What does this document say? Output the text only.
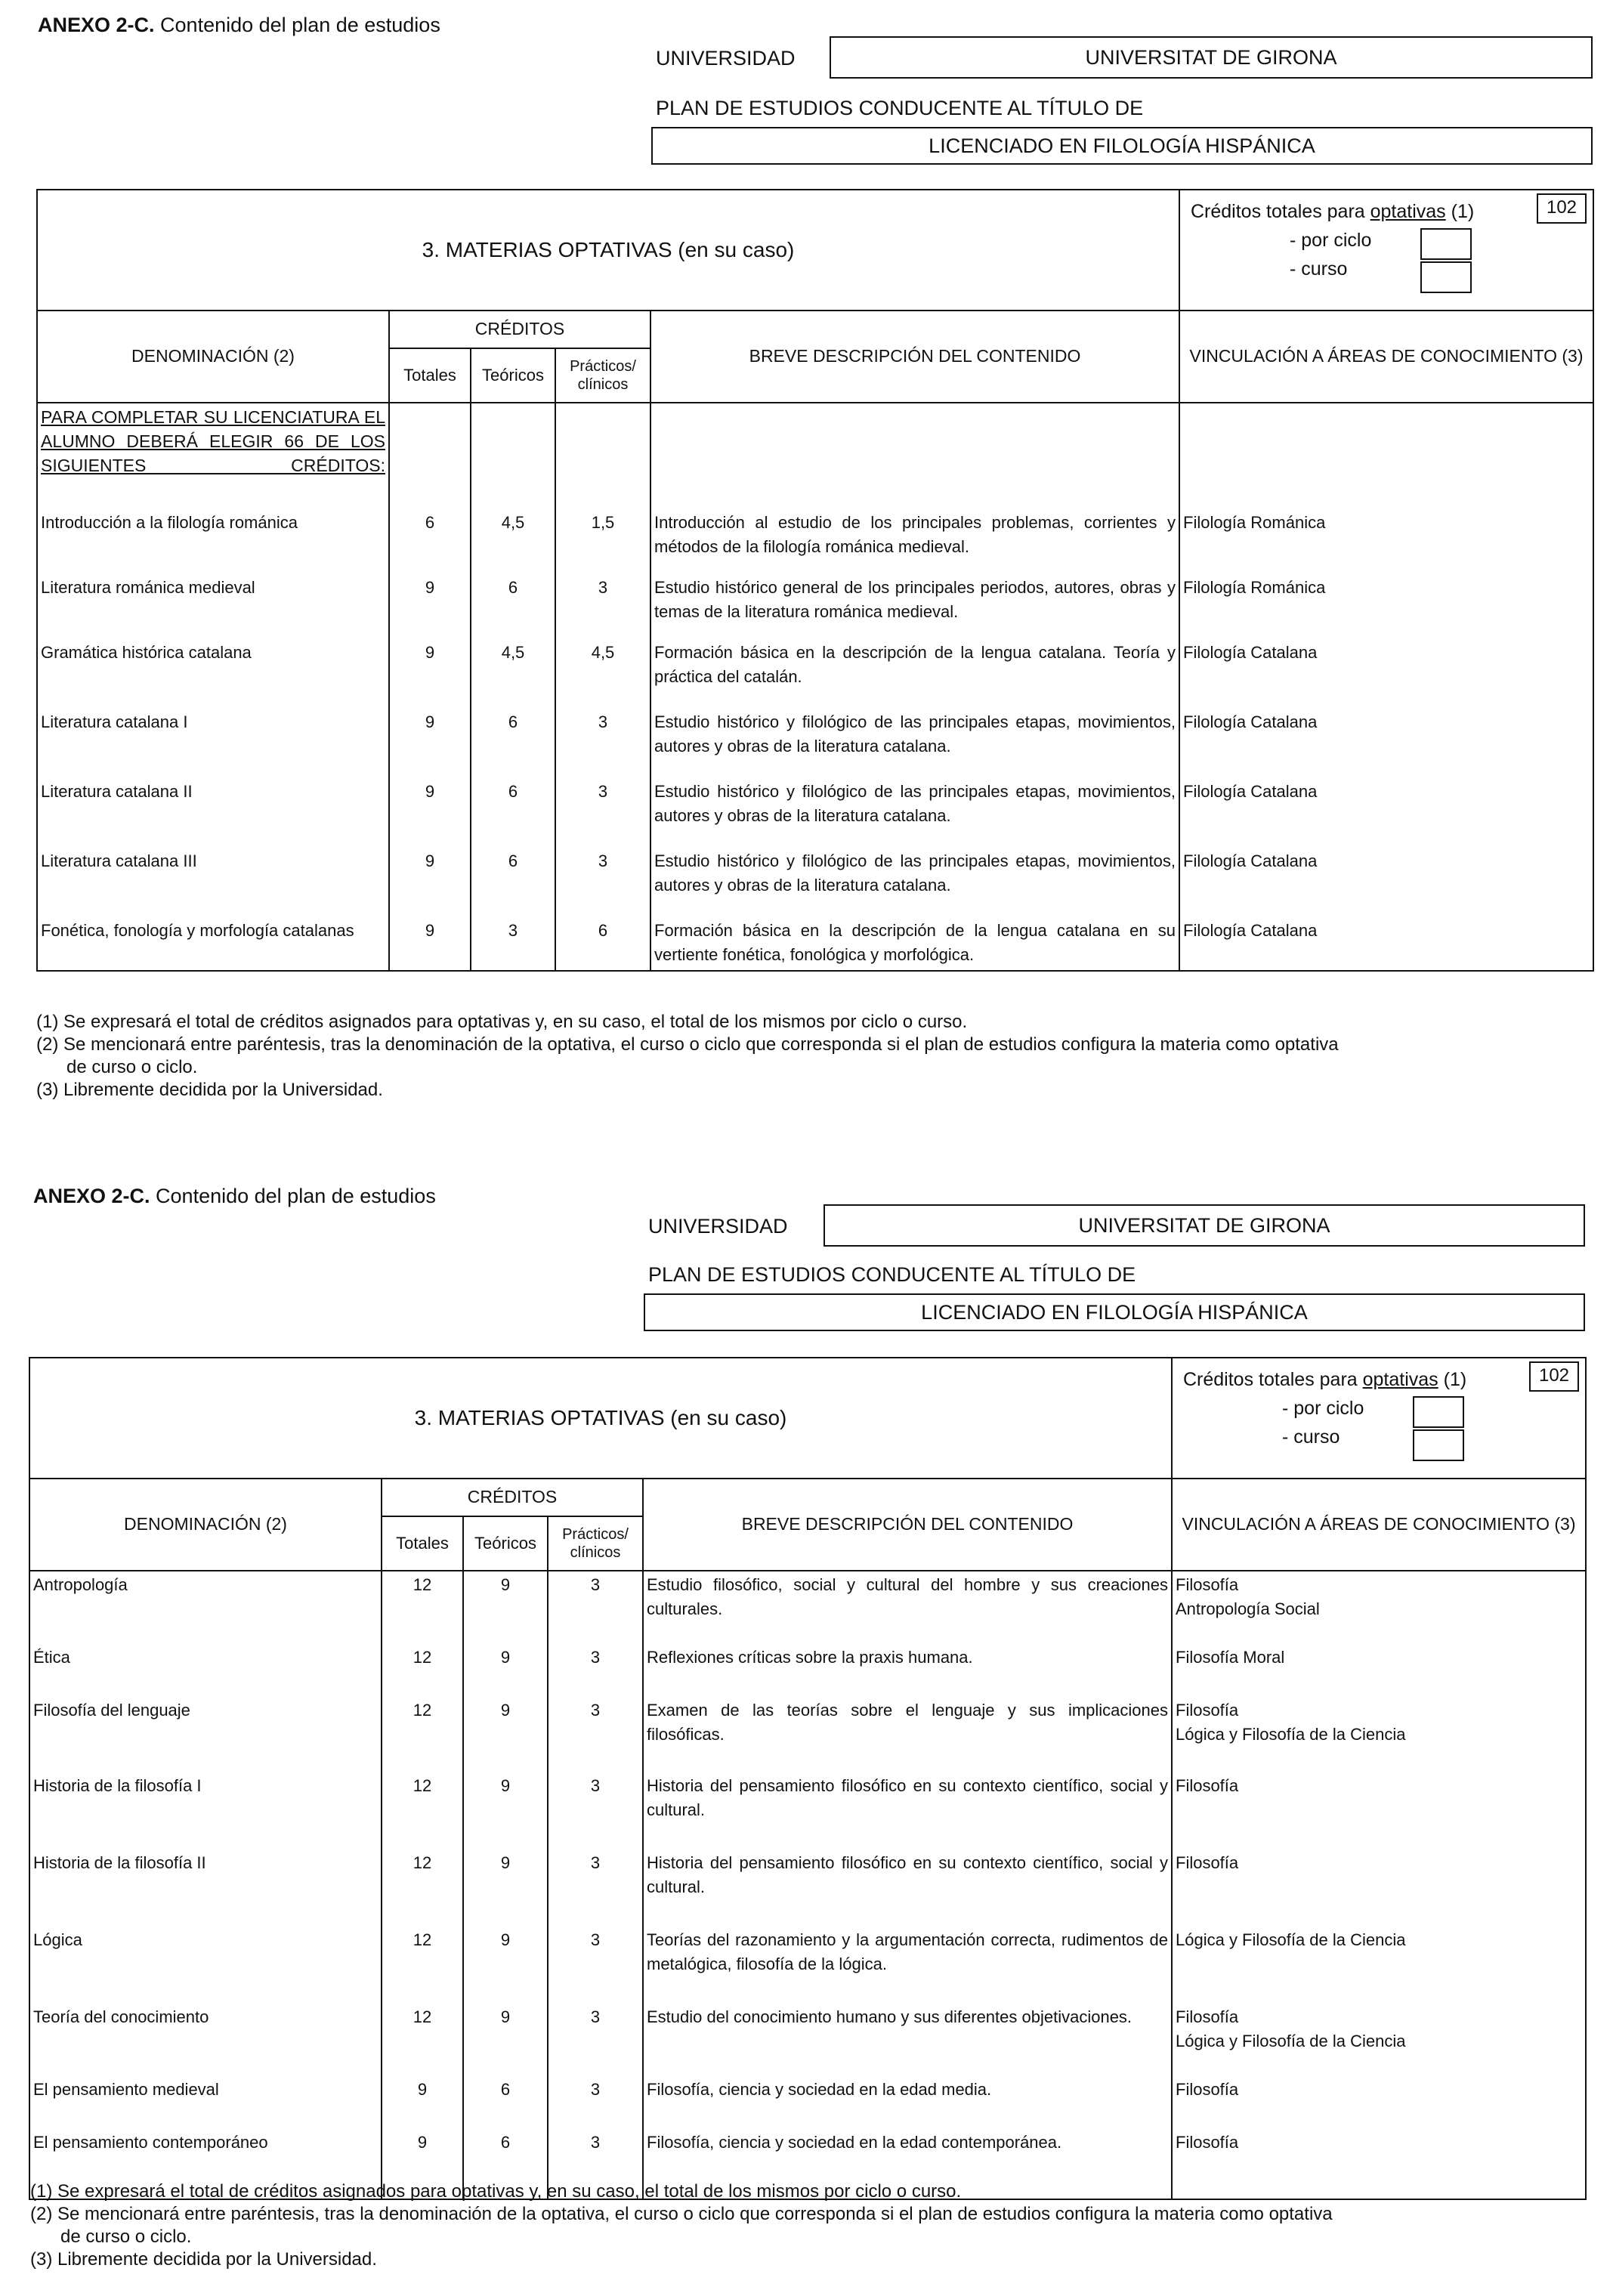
ANEXO 2-C. Contenido del plan de estudios
UNIVERSIDAD	UNIVERSITAT DE GIRONA
PLAN DE ESTUDIOS CONDUCENTE AL TÍTULO DE
LICENCIADO EN FILOLOGÍA HISPÁNICA
3. MATERIAS OPTATIVAS (en su caso)					Créditos totales para optativas (1) 102
- por ciclo
- curso

DENOMINACIÓN (2)	CRÉDITOS			BREVE DESCRIPCIÓN DEL CONTENIDO	VINCULACIÓN A ÁREAS DE CONOCIMIENTO (3)
	Totales	Teóricos	Prácticos/ clínicos		
PARA COMPLETAR SU LICENCIATURA EL ALUMNO DEBERÁ ELEGIR 66 DE LOS SIGUIENTES CRÉDITOS:					
Introducción a la filología románica	6	4,5	1,5	Introducción al estudio de los principales problemas, corrientes y métodos de la filología románica medieval.	Filología Románica
Literatura románica medieval	9	6	3	Estudio histórico general de los principales periodos, autores, obras y temas de la literatura románica medieval.	Filología Románica
Gramática histórica catalana	9	4,5	4,5	Formación básica en la descripción de la lengua catalana. Teoría y práctica del catalán.	Filología Catalana
Literatura catalana I	9	6	3	Estudio histórico y filológico de las principales etapas, movimientos, autores y obras de la literatura catalana.	Filología Catalana
Literatura catalana II	9	6	3	Estudio histórico y filológico de las principales etapas, movimientos, autores y obras de la literatura catalana.	Filología Catalana
Literatura catalana III	9	6	3	Estudio histórico y filológico de las principales etapas, movimientos, autores y obras de la literatura catalana.	Filología Catalana
Fonética, fonología y morfología catalanas	9	3	6	Formación básica en la descripción de la lengua catalana en su vertiente fonética, fonológica y morfológica.	Filología Catalana
(1) Se expresará el total de créditos asignados para optativas y, en su caso, el total de los mismos por ciclo o curso.
(2) Se mencionará entre paréntesis, tras la denominación de la optativa, el curso o ciclo que corresponda si el plan de estudios configura la materia como optativa
de curso o ciclo.
(3) Libremente decidida por la Universidad.
ANEXO 2-C. Contenido del plan de estudios
UNIVERSIDAD	UNIVERSITAT DE GIRONA
PLAN DE ESTUDIOS CONDUCENTE AL TÍTULO DE
LICENCIADO EN FILOLOGÍA HISPÁNICA
3. MATERIAS OPTATIVAS (en su caso)					Créditos totales para optativas (1) 102
- por ciclo
- curso

DENOMINACIÓN (2)	CRÉDITOS			BREVE DESCRIPCIÓN DEL CONTENIDO	VINCULACIÓN A ÁREAS DE CONOCIMIENTO (3)
	Totales	Teóricos	Prácticos/ clínicos		
Antropología	12	9	3	Estudio filosófico, social y cultural del hombre y sus creaciones culturales.	Filosofía
Antropología Social

Ética	12	9	3	Reflexiones críticas sobre la praxis humana.	Filosofía Moral

Filosofía del lenguaje	12	9	3	Examen de las teorías sobre el lenguaje y sus implicaciones filosóficas.	Filosofía
Lógica y Filosofía de la Ciencia

Historia de la filosofía I	12	9	3	Historia del pensamiento filosófico en su contexto científico, social y cultural.	Filosofía

Historia de la filosofía II	12	9	3	Historia del pensamiento filosófico en su contexto científico, social y cultural.	Filosofía

Lógica	12	9	3	Teorías del razonamiento y la argumentación correcta, rudimentos de metalógica, filosofía de la lógica.	Lógica y Filosofía de la Ciencia

Teoría del conocimiento	12	9	3	Estudio del conocimiento humano y sus diferentes objetivaciones.	Filosofía
Lógica y Filosofía de la Ciencia

El pensamiento medieval	9	6	3	Filosofía, ciencia y sociedad en la edad media.	Filosofía

El pensamiento contemporáneo	9	6	3	Filosofía, ciencia y sociedad en la edad contemporánea.	Filosofía
(1) Se expresará el total de créditos asignados para optativas y, en su caso, el total de los mismos por ciclo o curso.
(2) Se mencionará entre paréntesis, tras la denominación de la optativa, el curso o ciclo que corresponda si el plan de estudios configura la materia como optativa
de curso o ciclo.
(3) Libremente decidida por la Universidad.
